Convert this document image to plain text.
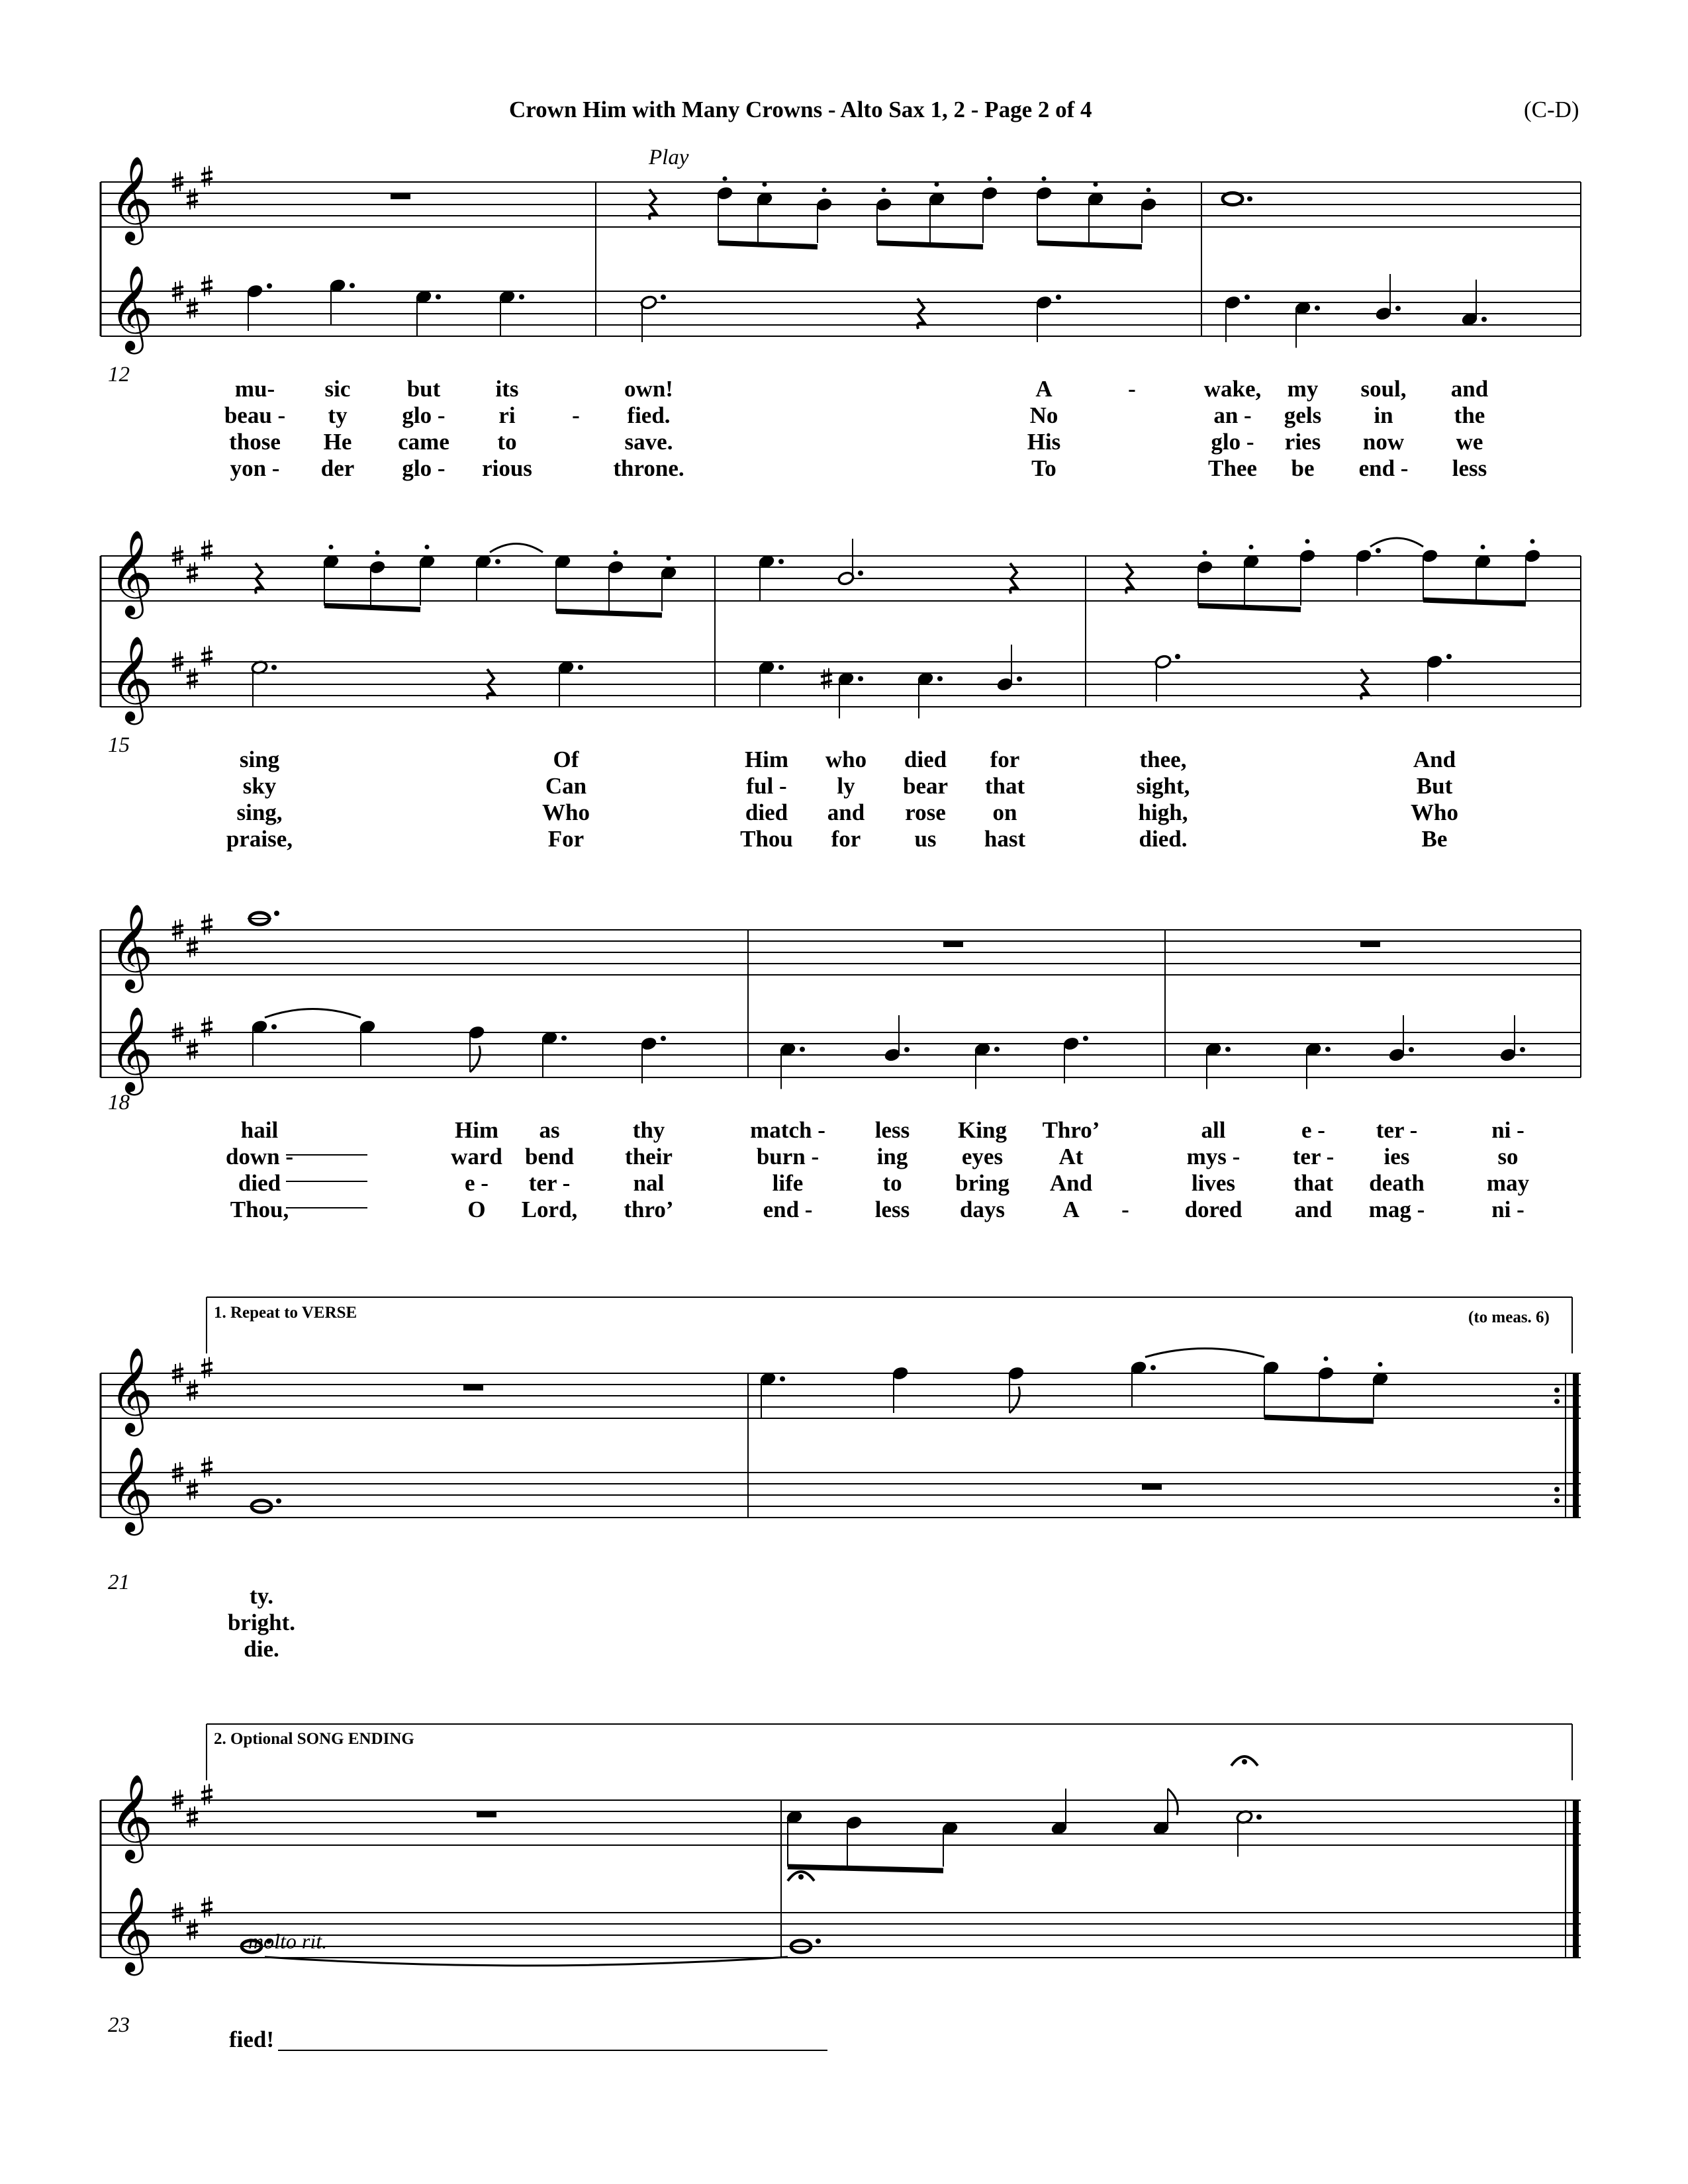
𝄞
𝄞
𝄞
𝄞
𝄞
𝄞
𝄞
𝄞
𝄞
𝄞
Crown Him with Many Crowns - Alto Sax 1, 2 - Page 2 of 4	(C-D)
Play
molto rit.
1. Repeat to VERSE	(to meas. 6)
2. Optional SONG ENDING
12
15
18
21
23
mu- sic but its	own!	A	-	wake, my soul, and
beau - ty glo - ri - fied.	No	an - gels in	the
those He came to	save.	His	glo - ries now we
yon - der glo - rious	throne.	To	Thee be end - less
sing	Of	Him who died for	thee,	And
sky	Can	ful - ly bear that	sight,	But
sing,	Who	died and rose on	high,	Who
praise,	For	Thou for us hast	died.	Be
hail	Him as	thy	match - less King Thro’	all	e - ter -	ni -
down -	ward bend their	burn - ing eyes At	mys - ter - ies	so
died	e - ter -	nal	life	to bring And	lives	that death	may
Thou,	O Lord, thro’	end -	less days A - dored and mag -	ni -
ty.
bright.
die.
fied!
